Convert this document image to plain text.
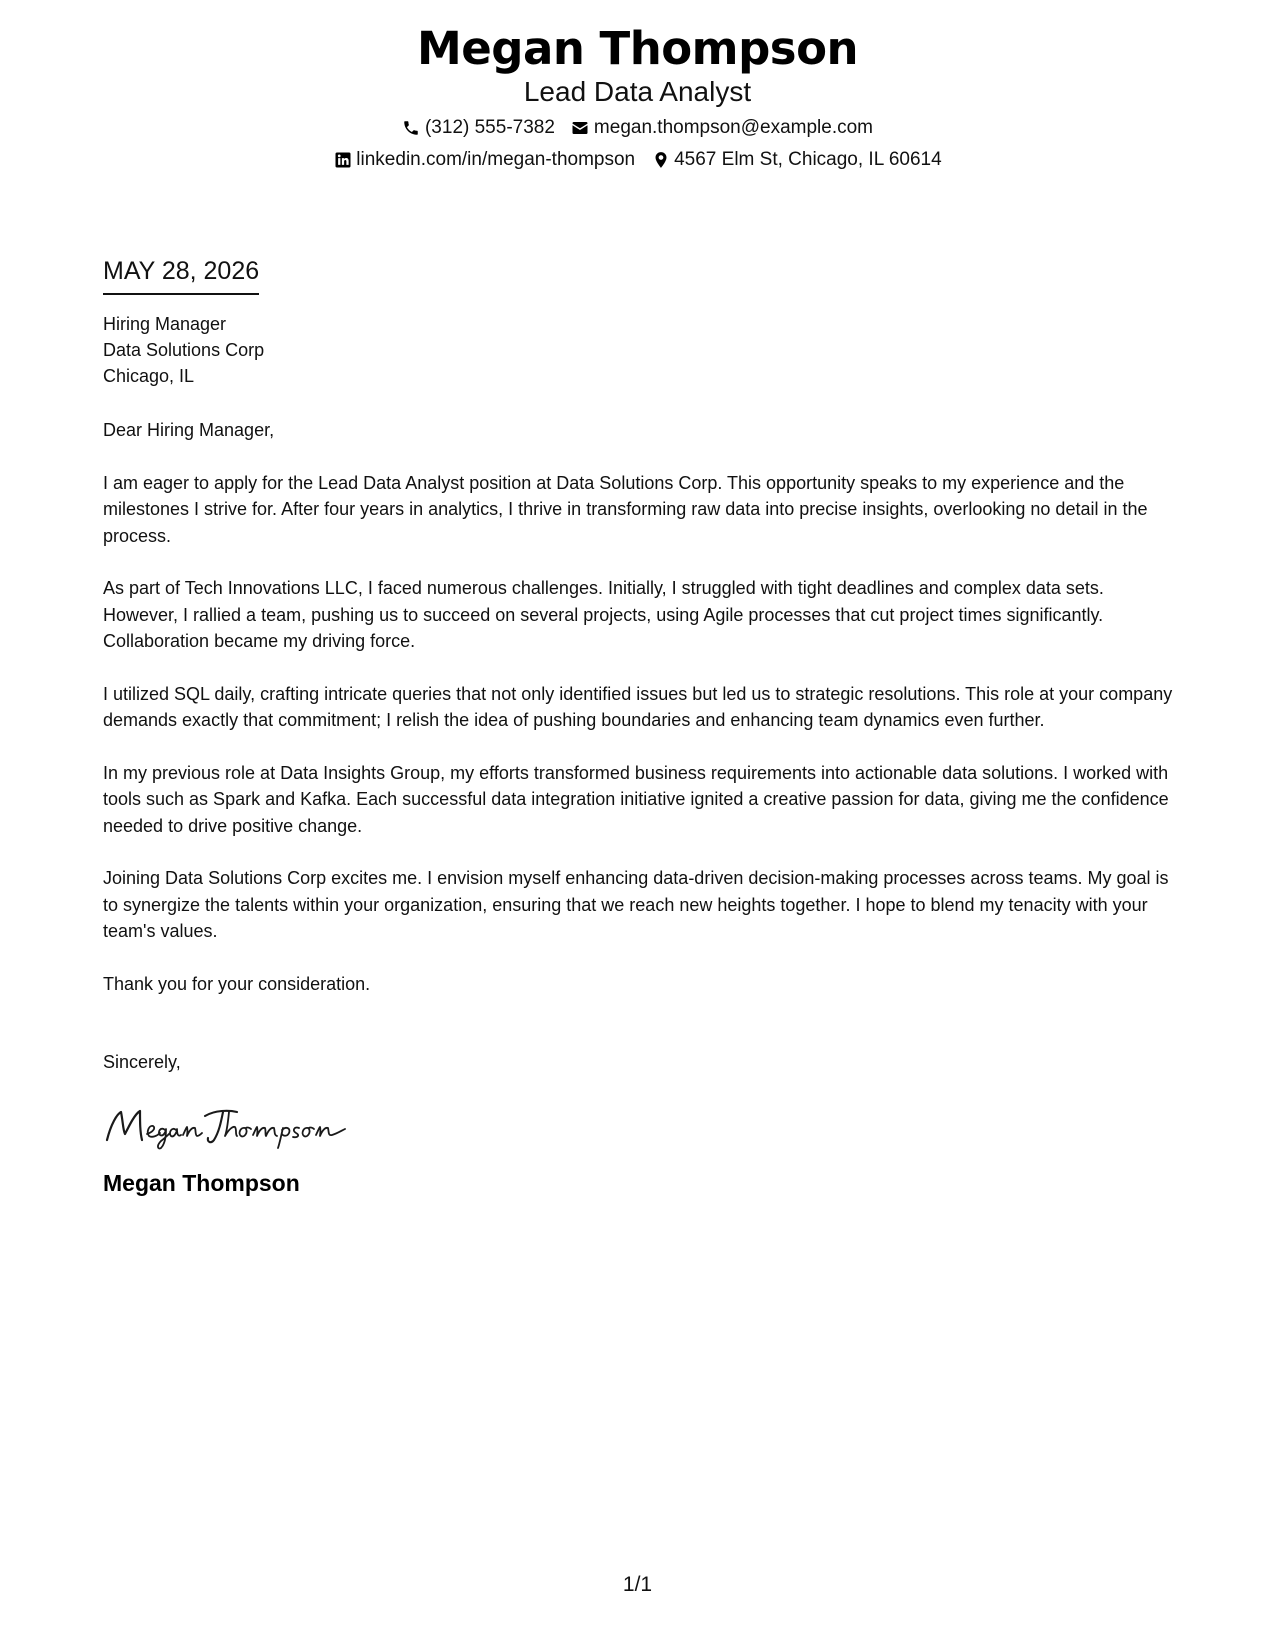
Megan Thompson
Lead Data Analyst
(312) 555-7382 megan.thompson@example.com
linkedin.com/in/megan-thompson 4567 Elm St, Chicago, IL 60614
MAY 28, 2026
Hiring Manager
Data Solutions Corp
Chicago, IL
Dear Hiring Manager,
I am eager to apply for the Lead Data Analyst position at Data Solutions Corp. This opportunity speaks to my experience and the milestones I strive for. After four years in analytics, I thrive in transforming raw data into precise insights, overlooking no detail in the process.
As part of Tech Innovations LLC, I faced numerous challenges. Initially, I struggled with tight deadlines and complex data sets. However, I rallied a team, pushing us to succeed on several projects, using Agile processes that cut project times significantly. Collaboration became my driving force.
I utilized SQL daily, crafting intricate queries that not only identified issues but led us to strategic resolutions. This role at your company demands exactly that commitment; I relish the idea of pushing boundaries and enhancing team dynamics even further.
In my previous role at Data Insights Group, my efforts transformed business requirements into actionable data solutions. I worked with tools such as Spark and Kafka. Each successful data integration initiative ignited a creative passion for data, giving me the confidence needed to drive positive change.
Joining Data Solutions Corp excites me. I envision myself enhancing data-driven decision-making processes across teams. My goal is to synergize the talents within your organization, ensuring that we reach new heights together. I hope to blend my tenacity with your team's values.
Thank you for your consideration.
Sincerely,
Megan Thompson
1/1
